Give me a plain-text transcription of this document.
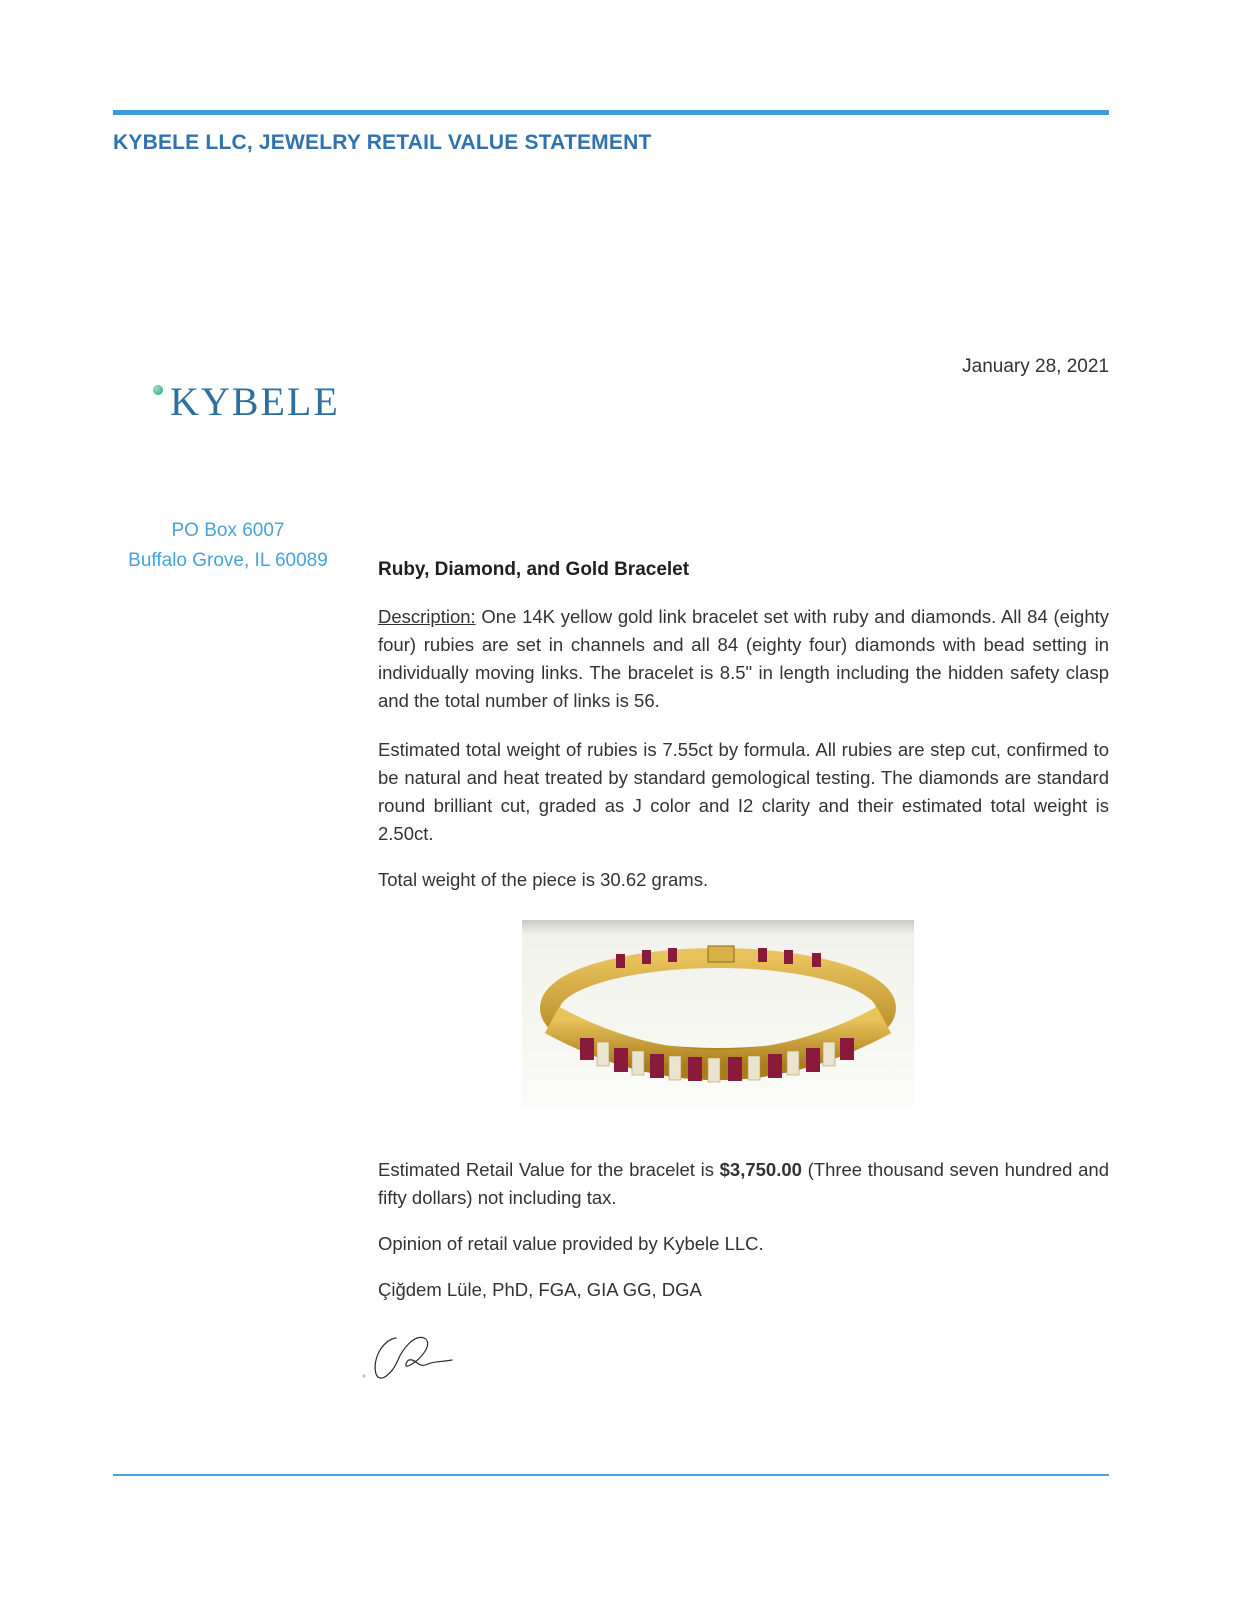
KYBELE LLC, JEWELRY RETAIL VALUE STATEMENT
January 28, 2021
KYBELE
PO Box 6007
Buffalo Grove, IL 60089	Ruby, Diamond, and Gold Bracelet
Description: One 14K yellow gold link bracelet set with ruby and diamonds. All 84 (eighty four) rubies are set in channels and all 84 (eighty four) diamonds with bead setting in individually moving links. The bracelet is 8.5" in length including the hidden safety clasp and the total number of links is 56.
Estimated total weight of rubies is 7.55ct by formula. All rubies are step cut, confirmed to be natural and heat treated by standard gemological testing. The diamonds are standard round brilliant cut, graded as J color and I2 clarity and their estimated total weight is 2.50ct.
Total weight of the piece is 30.62 grams.
Estimated Retail Value for the bracelet is $3,750.00 (Three thousand seven hundred and fifty dollars) not including tax.
Opinion of retail value provided by Kybele LLC.
Çiğdem Lüle, PhD, FGA, GIA GG, DGA
